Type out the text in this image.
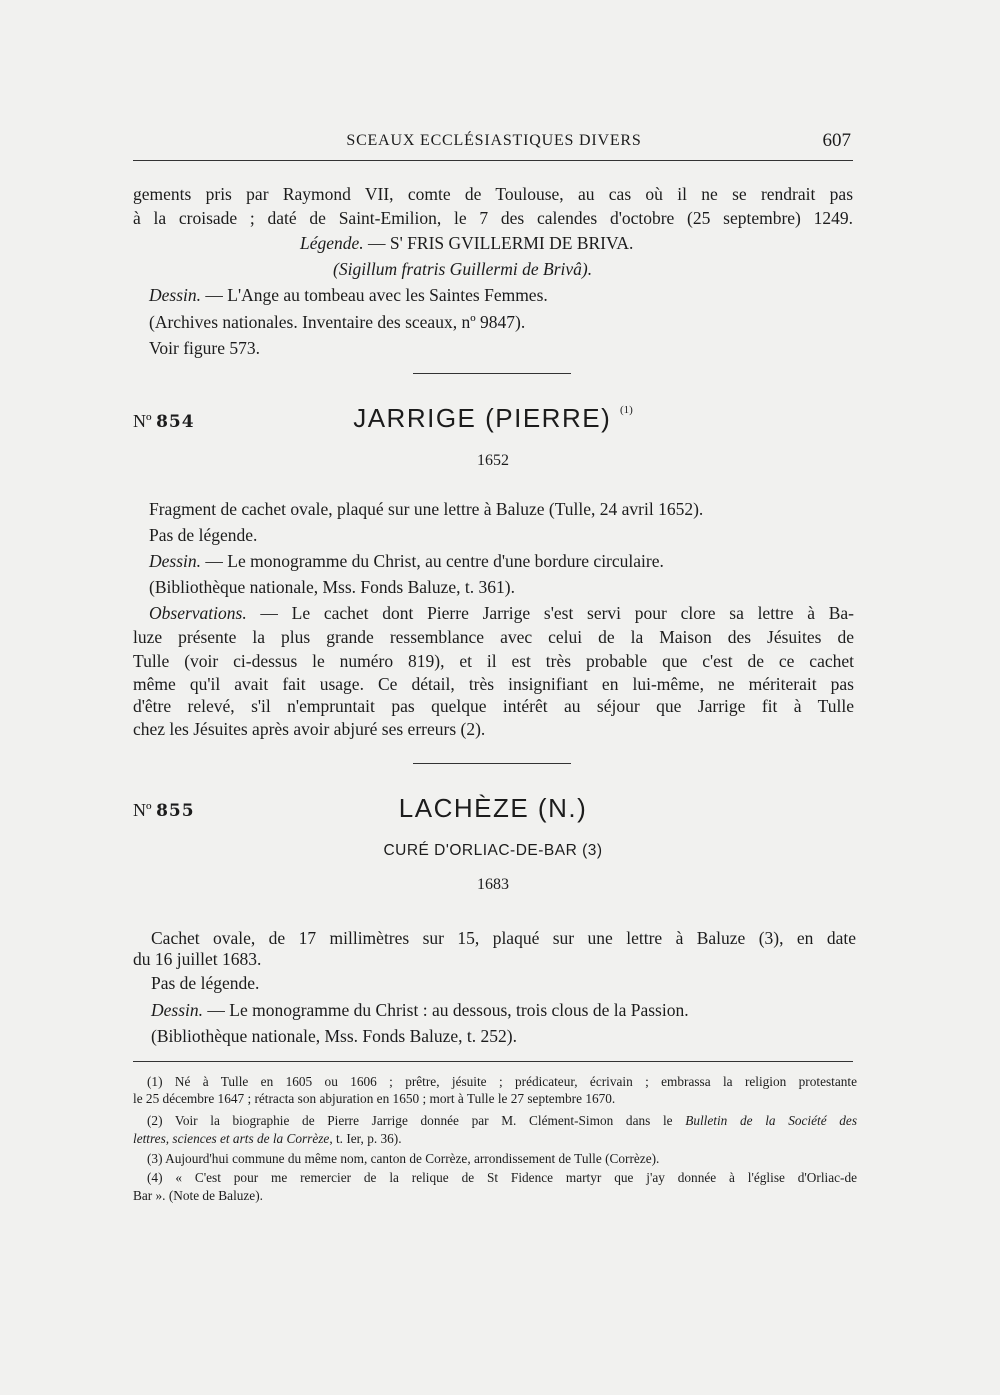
SCEAUX ECCLÉSIASTIQUES DIVERS	607
gements pris par Raymond VII, comte de Toulouse, au cas où il ne se rendrait pas
à la croisade ; daté de Saint-Emilion, le 7 des calendes d'octobre (25 septembre) 1249.
Légende. — S' FRIS GVILLERMI DE BRIVA.
(Sigillum fratris Guillermi de Brivâ).
Dessin. — L'Ange au tombeau avec les Saintes Femmes.
(Archives nationales. Inventaire des sceaux, nº 9847).
Voir figure 573.
Nº 854	JARRIGE (PIERRE) $^{(1)}$
1652
Fragment de cachet ovale, plaqué sur une lettre à Baluze (Tulle, 24 avril 1652).
Pas de légende.
Dessin. — Le monogramme du Christ, au centre d'une bordure circulaire.
(Bibliothèque nationale, Mss. Fonds Baluze, t. 361).
Observations. — Le cachet dont Pierre Jarrige s'est servi pour clore sa lettre à Ba-
luze présente la plus grande ressemblance avec celui de la Maison des Jésuites de
Tulle (voir ci-dessus le numéro 819), et il est très probable que c'est de ce cachet
même qu'il avait fait usage. Ce détail, très insignifiant en lui-même, ne mériterait pas
d'être relevé, s'il n'empruntait pas quelque intérêt au séjour que Jarrige fit à Tulle
chez les Jésuites après avoir abjuré ses erreurs (2).
Nº 855	LACHÈZE (N.)
CURÉ D'ORLIAC-DE-BAR (3)
1683
Cachet ovale, de 17 millimètres sur 15, plaqué sur une lettre à Baluze (3), en date
du 16 juillet 1683.
Pas de légende.
Dessin. — Le monogramme du Christ : au dessous, trois clous de la Passion.
(Bibliothèque nationale, Mss. Fonds Baluze, t. 252).
(1) Né à Tulle en 1605 ou 1606 ; prêtre, jésuite ; prédicateur, écrivain ; embrassa la religion protestante
le 25 décembre 1647 ; rétracta son abjuration en 1650 ; mort à Tulle le 27 septembre 1670.
(2) Voir la biographie de Pierre Jarrige donnée par M. Clément-Simon dans le Bulletin de la Société des
lettres, sciences et arts de la Corrèze, t. Ier, p. 36).
(3) Aujourd'hui commune du même nom, canton de Corrèze, arrondissement de Tulle (Corrèze).
(4) « C'est pour me remercier de la relique de St Fidence martyr que j'ay donnée à l'église d'Orliac-de
Bar ». (Note de Baluze).
